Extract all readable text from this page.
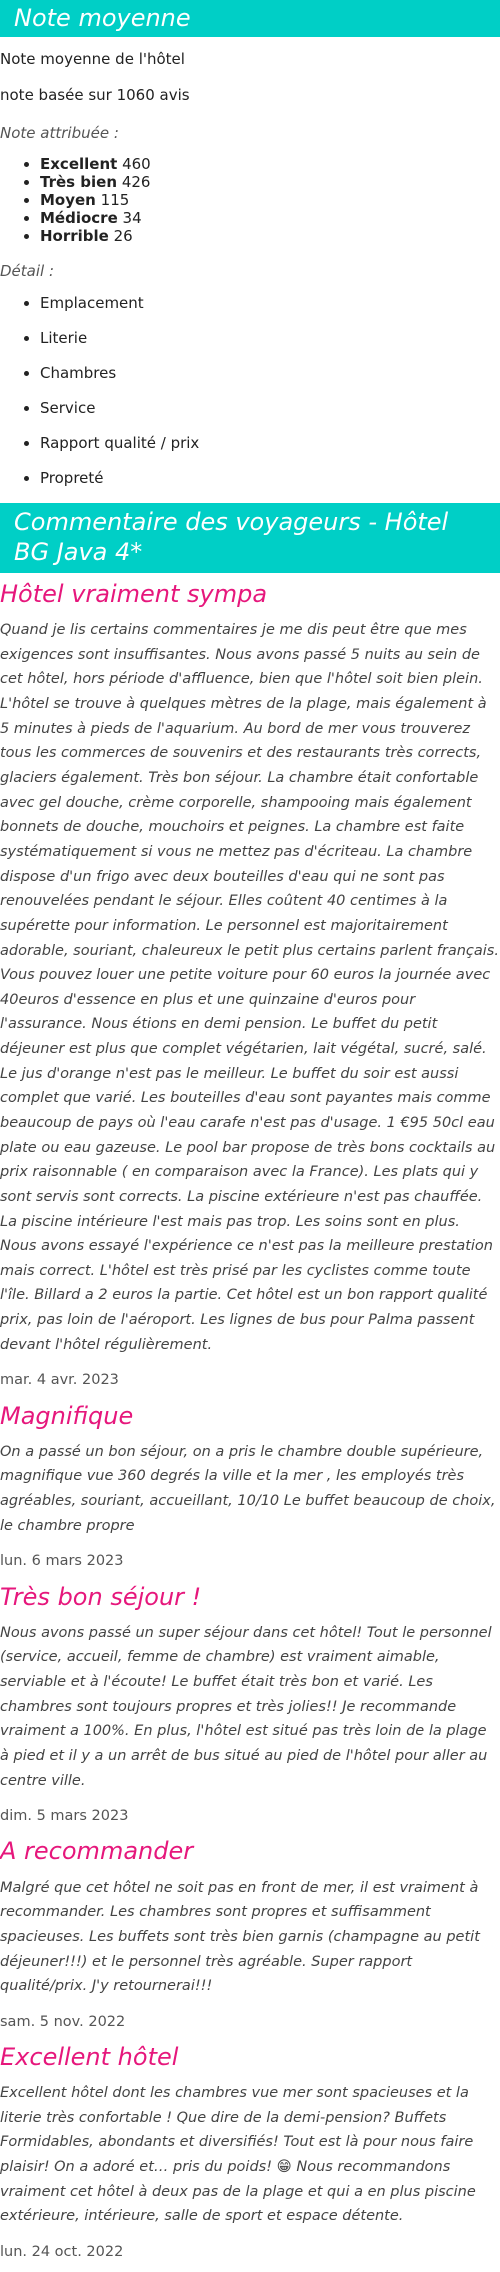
Note moyenne

Note moyenne de l'hôtel

note basée sur 1060 avis

Note attribuée :

• Excellent 460
• Très bien 426
• Moyen 115
• Médiocre 34
• Horrible 26

Détail :

• Emplacement
• Literie
• Chambres
• Service
• Rapport qualité / prix
• Propreté
Commentaire des voyageurs - Hôtel BG Java 4*
Hôtel vraiment sympa

Quand je lis certains commentaires je me dis peut être que mes exigences sont insuffisantes. Nous avons passé 5 nuits au sein de cet hôtel, hors période d'affluence, bien que l'hôtel soit bien plein. L'hôtel se trouve à quelques mètres de la plage, mais également à 5 minutes à pieds de l'aquarium. Au bord de mer vous trouverez tous les commerces de souvenirs et des restaurants très corrects, glaciers également. Très bon séjour. La chambre était confortable avec gel douche, crème corporelle, shampooing mais également bonnets de douche, mouchoirs et peignes. La chambre est faite systématiquement si vous ne mettez pas d'écriteau. La chambre dispose d'un frigo avec deux bouteilles d'eau qui ne sont pas renouvelées pendant le séjour. Elles coûtent 40 centimes à la supérette pour information. Le personnel est majoritairement adorable, souriant, chaleureux le petit plus certains parlent français. Vous pouvez louer une petite voiture pour 60 euros la journée avec 40euros d'essence en plus et une quinzaine d'euros pour l'assurance. Nous étions en demi pension. Le buffet du petit déjeuner est plus que complet végétarien, lait végétal, sucré, salé. Le jus d'orange n'est pas le meilleur. Le buffet du soir est aussi complet que varié. Les bouteilles d'eau sont payantes mais comme beaucoup de pays où l'eau carafe n'est pas d'usage. 1 €95 50cl eau plate ou eau gazeuse. Le pool bar propose de très bons cocktails au prix raisonnable ( en comparaison avec la France). Les plats qui y sont servis sont corrects. La piscine extérieure n'est pas chauffée. La piscine intérieure l'est mais pas trop. Les soins sont en plus. Nous avons essayé l'expérience ce n'est pas la meilleure prestation mais correct. L'hôtel est très prisé par les cyclistes comme toute l'île. Billard a 2 euros la partie. Cet hôtel est un bon rapport qualité prix, pas loin de l'aéroport. Les lignes de bus pour Palma passent devant l'hôtel régulièrement.

mar. 4 avr. 2023

Magnifique

On a passé un bon séjour, on a pris le chambre double supérieure, magnifique vue 360 degrés la ville et la mer , les employés très agréables, souriant, accueillant, 10/10 Le buffet beaucoup de choix, le chambre propre

lun. 6 mars 2023

Très bon séjour !

Nous avons passé un super séjour dans cet hôtel! Tout le personnel (service, accueil, femme de chambre) est vraiment aimable, serviable et à l'écoute! Le buffet était très bon et varié. Les chambres sont toujours propres et très jolies!! Je recommande vraiment a 100%. En plus, l'hôtel est situé pas très loin de la plage à pied et il y a un arrêt de bus situé au pied de l'hôtel pour aller au centre ville.

dim. 5 mars 2023

A recommander

Malgré que cet hôtel ne soit pas en front de mer, il est vraiment à recommander. Les chambres sont propres et suffisamment spacieuses. Les buffets sont très bien garnis (champagne au petit déjeuner!!!) et le personnel très agréable. Super rapport qualité/prix. J'y retournerai!!!

sam. 5 nov. 2022

Excellent hôtel

Excellent hôtel dont les chambres vue mer sont spacieuses et la literie très confortable ! Que dire de la demi-pension? Buffets Formidables, abondants et diversifiés! Tout est là pour nous faire plaisir! On a adoré et… pris du poids! 😁 Nous recommandons vraiment cet hôtel à deux pas de la plage et qui a en plus piscine extérieure, intérieure, salle de sport et espace détente.

lun. 24 oct. 2022
